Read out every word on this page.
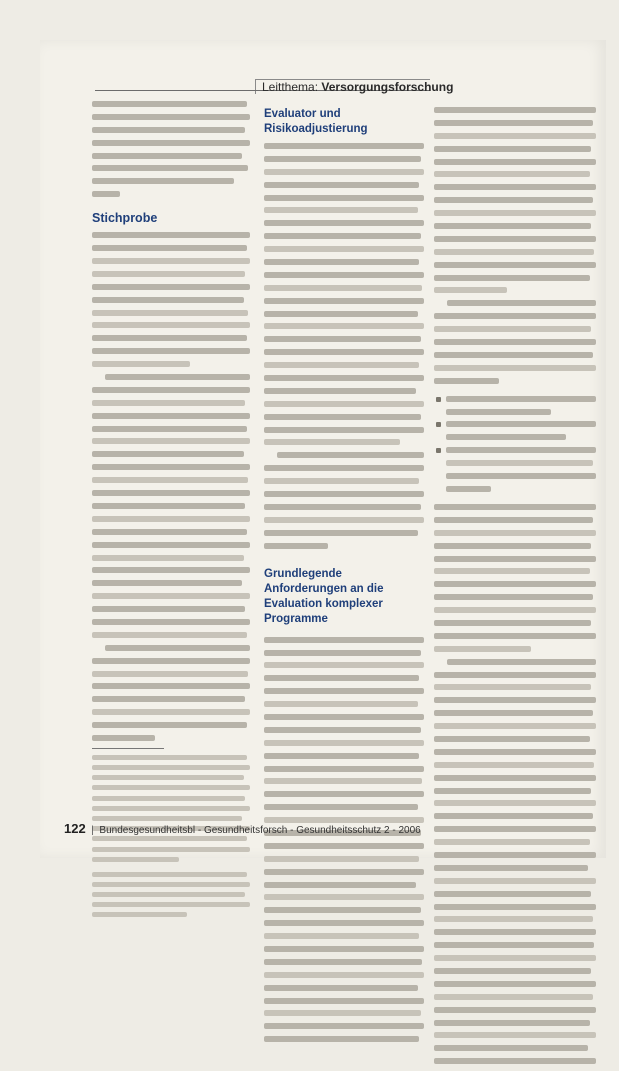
Leitthema: Versorgungsforschung
Stichprobe
Evaluator und Risikoadjustierung
Grundlegende Anforderungen an die Evaluation komplexer Programme
122  |  Bundesgesundheitsbl - Gesundheitsforsch - Gesundheitsschutz 2 - 2006
